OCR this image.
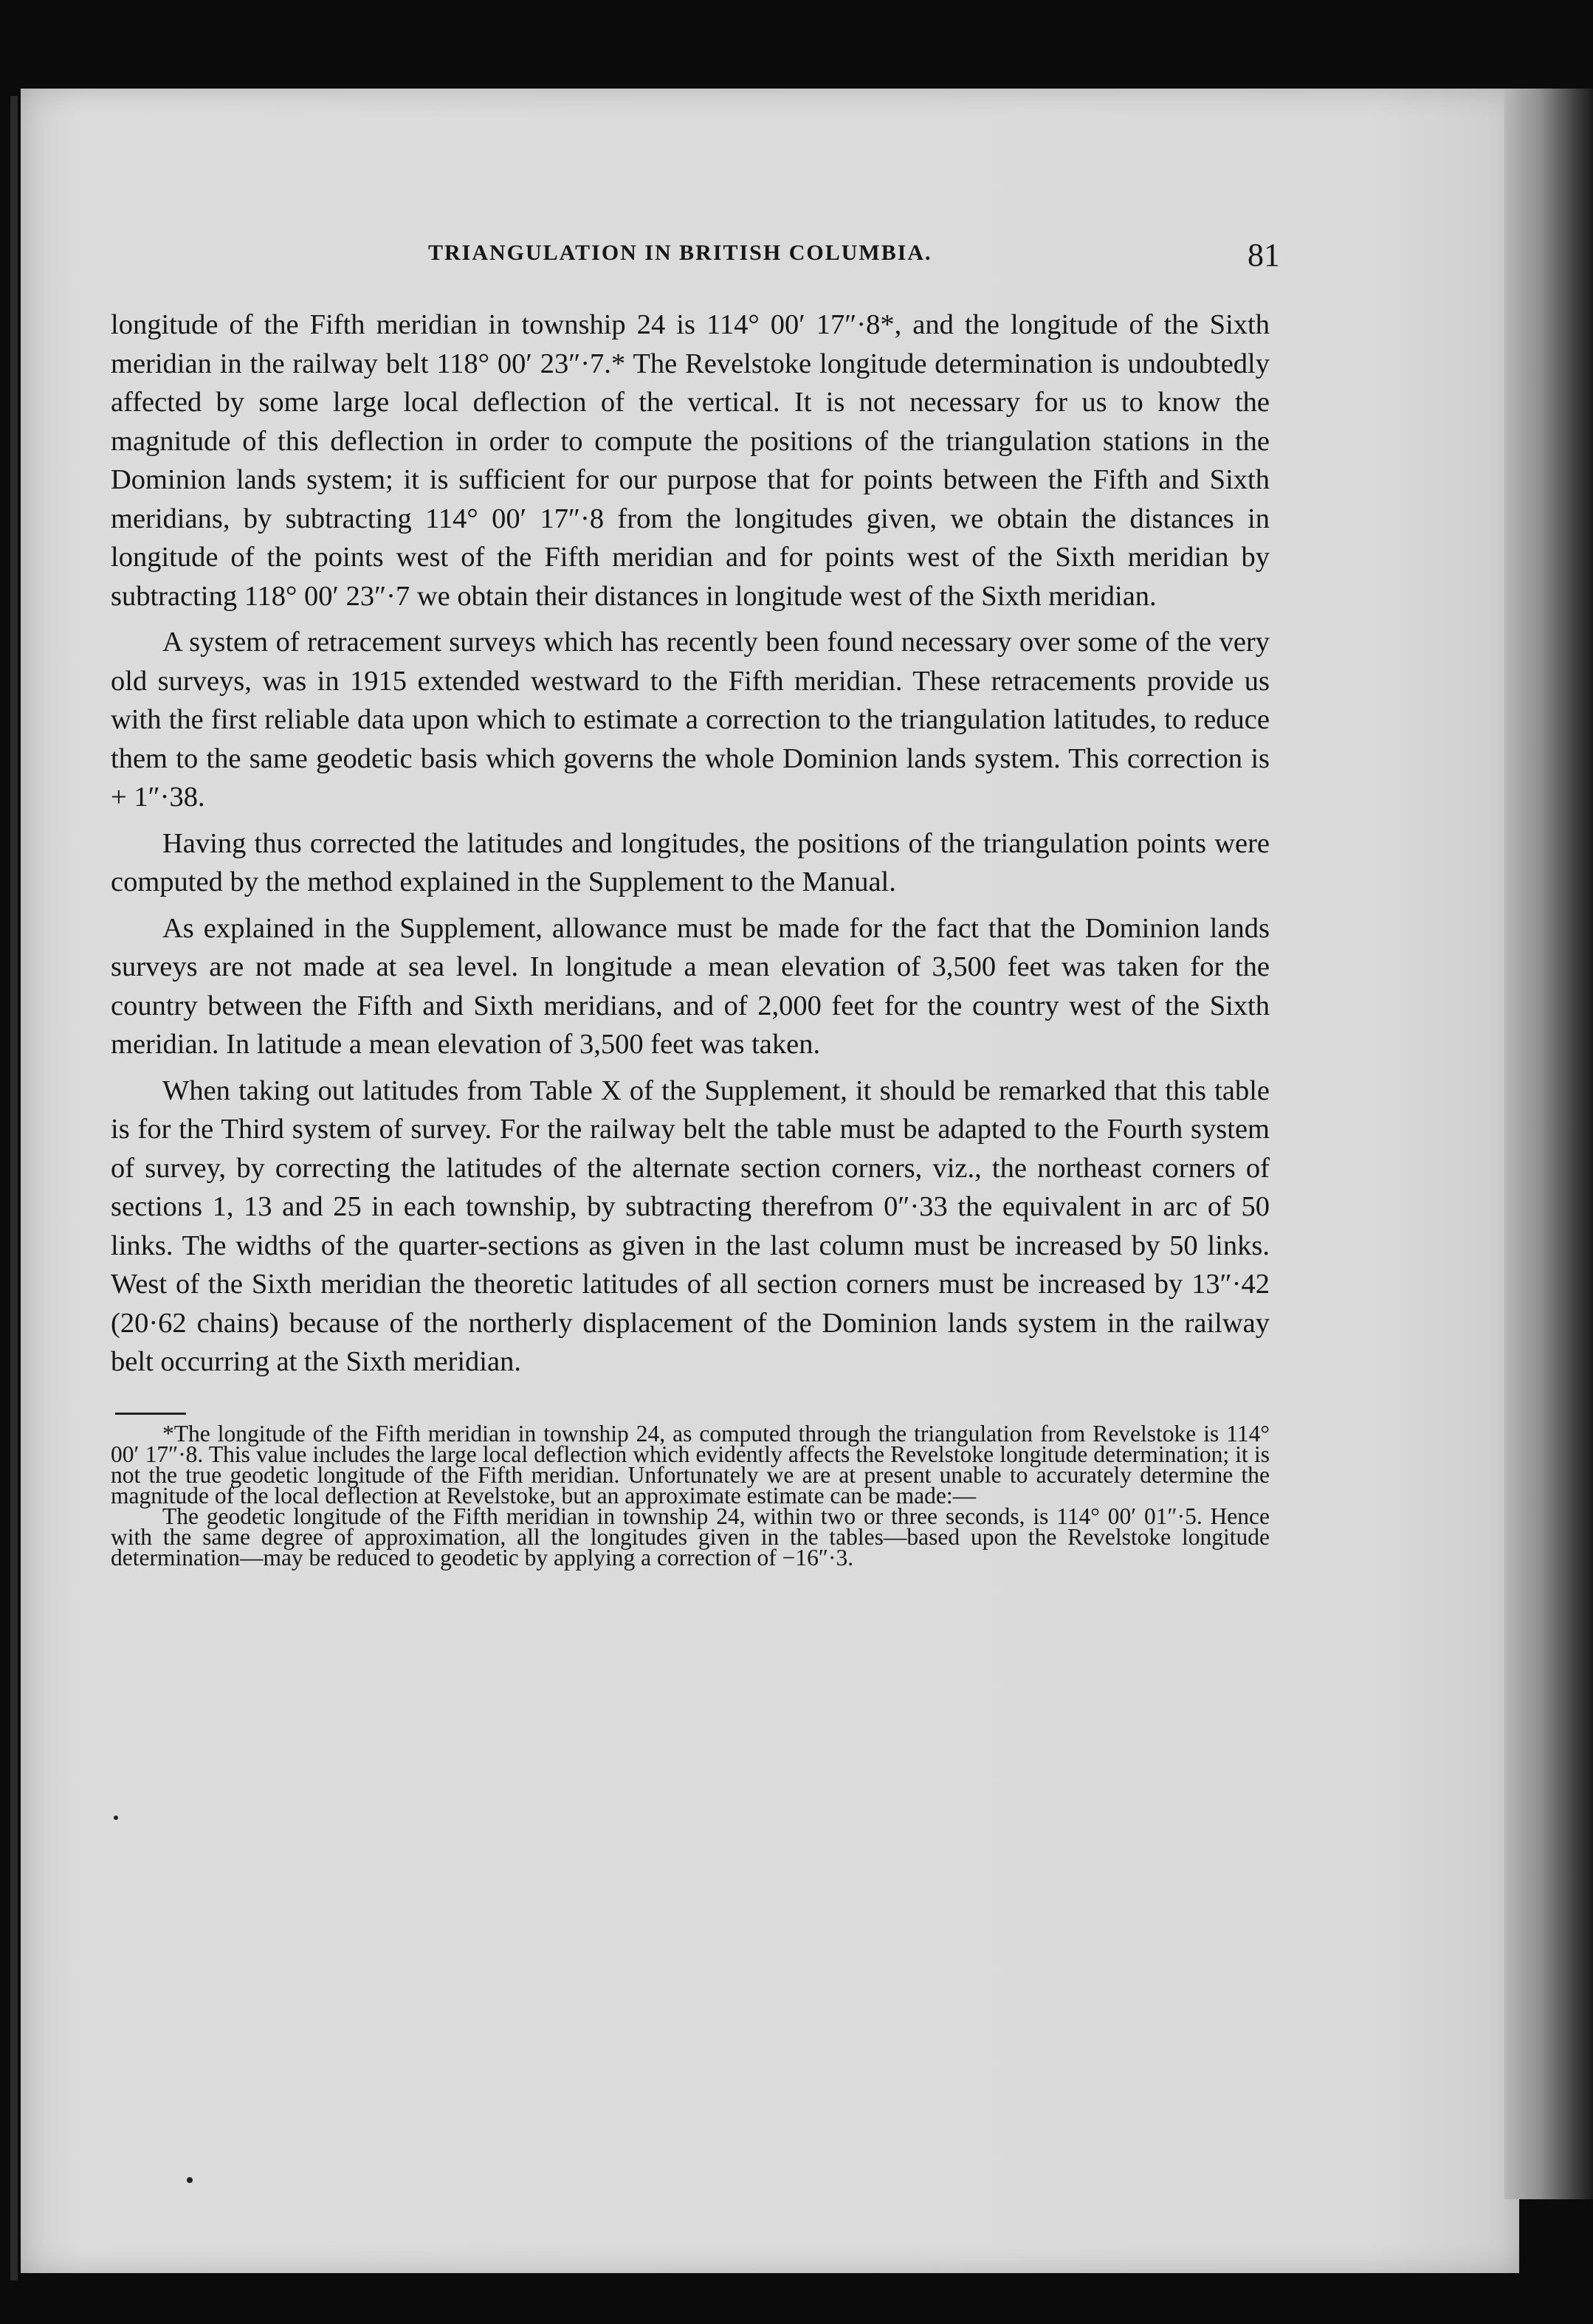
TRIANGULATION IN BRITISH COLUMBIA.	81

longitude of the Fifth meridian in township 24 is 114° 00′ 17″·8*, and the longitude of the Sixth meridian in the railway belt 118° 00′ 23″·7.* The Revelstoke longitude determination is undoubtedly affected by some large local deflection of the vertical. It is not necessary for us to know the magnitude of this deflection in order to compute the positions of the triangulation stations in the Dominion lands system; it is sufficient for our purpose that for points between the Fifth and Sixth meridians, by subtracting 114° 00′ 17″·8 from the longitudes given, we obtain the distances in longitude of the points west of the Fifth meridian and for points west of the Sixth meridian by subtracting 118° 00′ 23″·7 we obtain their distances in longitude west of the Sixth meridian.

A system of retracement surveys which has recently been found necessary over some of the very old surveys, was in 1915 extended westward to the Fifth meridian. These retracements provide us with the first reliable data upon which to estimate a correction to the triangulation latitudes, to reduce them to the same geodetic basis which governs the whole Dominion lands system. This correction is + 1″·38.

Having thus corrected the latitudes and longitudes, the positions of the triangulation points were computed by the method explained in the Supplement to the Manual.

As explained in the Supplement, allowance must be made for the fact that the Dominion lands surveys are not made at sea level. In longitude a mean elevation of 3,500 feet was taken for the country between the Fifth and Sixth meridians, and of 2,000 feet for the country west of the Sixth meridian. In latitude a mean elevation of 3,500 feet was taken.

When taking out latitudes from Table X of the Supplement, it should be remarked that this table is for the Third system of survey. For the railway belt the table must be adapted to the Fourth system of survey, by correcting the latitudes of the alternate section corners, viz., the northeast corners of sections 1, 13 and 25 in each township, by subtracting therefrom 0″·33 the equivalent in arc of 50 links. The widths of the quarter-sections as given in the last column must be increased by 50 links. West of the Sixth meridian the theoretic latitudes of all section corners must be increased by 13″·42 (20·62 chains) because of the northerly displacement of the Dominion lands system in the railway belt occurring at the Sixth meridian.

*The longitude of the Fifth meridian in township 24, as computed through the triangulation from Revelstoke is 114° 00′ 17″·8. This value includes the large local deflection which evidently affects the Revelstoke longitude determination; it is not the true geodetic longitude of the Fifth meridian. Unfortunately we are at present unable to accurately determine the magnitude of the local deflection at Revelstoke, but an approximate estimate can be made:—

The geodetic longitude of the Fifth meridian in township 24, within two or three seconds, is 114° 00′ 01″·5. Hence with the same degree of approximation, all the longitudes given in the tables—based upon the Revelstoke longitude determination—may be reduced to geodetic by applying a correction of −16″·3.
